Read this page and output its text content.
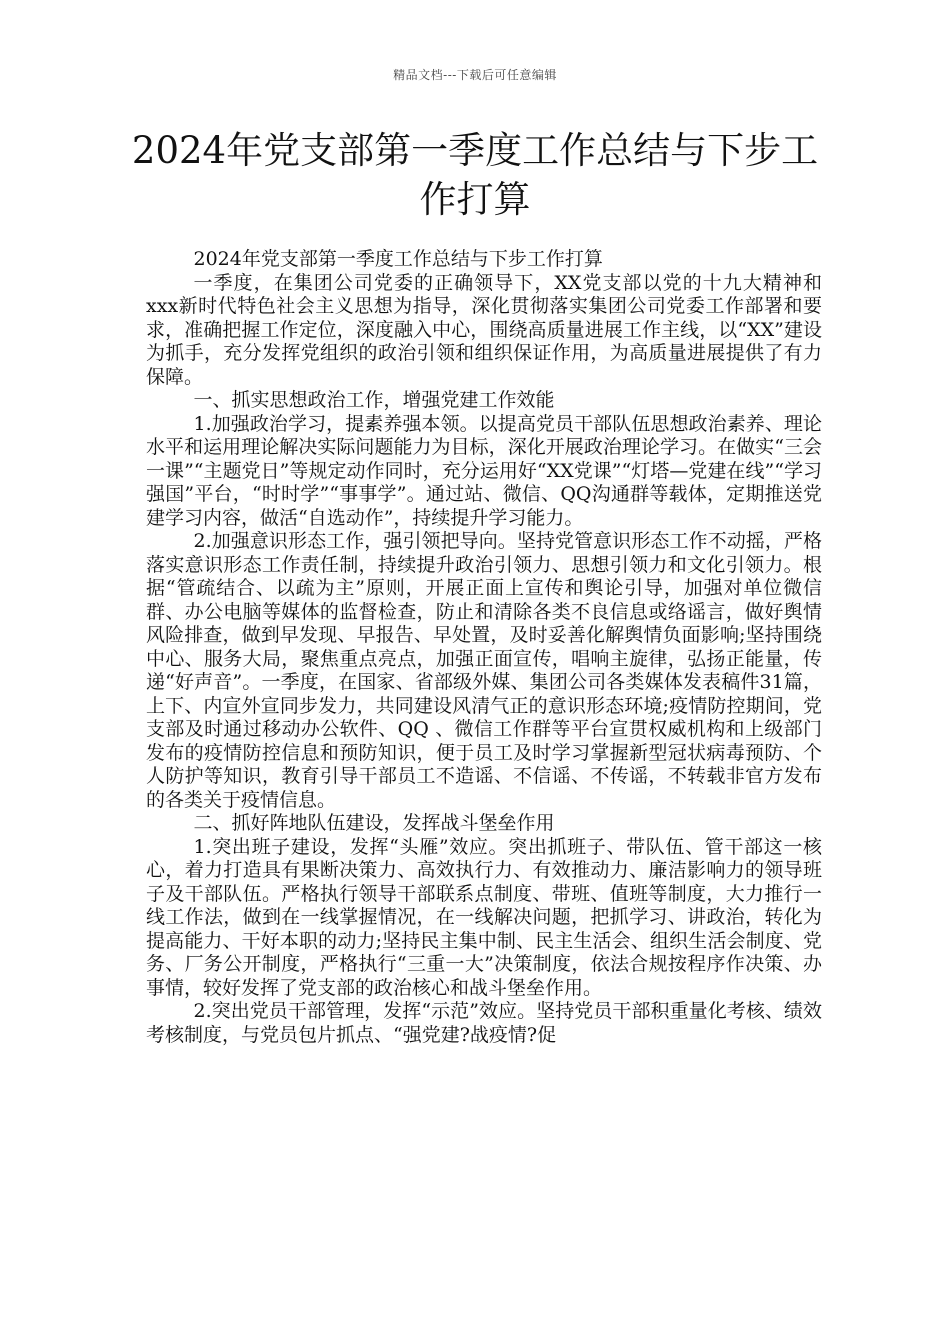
精品文档---下载后可任意编辑
2024年党支部第一季度工作总结与下步工作打算

2024年党支部第一季度工作总结与下步工作打算

一季度，在集团公司党委的正确领导下，XX党支部以党的十九大精神和xxx新时代特色社会主义思想为指导，深化贯彻落实集团公司党委工作部署和要求，准确把握工作定位，深度融入中心，围绕高质量进展工作主线，以“XX”建设为抓手，充分发挥党组织的政治引领和组织保证作用，为高质量进展提供了有力保障。

一、抓实思想政治工作，增强党建工作效能

1.加强政治学习，提素养强本领。以提高党员干部队伍思想政治素养、理论水平和运用理论解决实际问题能力为目标，深化开展政治理论学习。在做实“三会一课”“主题党日”等规定动作同时，充分运用好“XX党课”“灯塔—党建在线”“学习强国”平台，“时时学”“事事学”。通过站、微信、QQ沟通群等载体，定期推送党建学习内容，做活“自选动作”，持续提升学习能力。

2.加强意识形态工作，强引领把导向。坚持党管意识形态工作不动摇，严格落实意识形态工作责任制，持续提升政治引领力、思想引领力和文化引领力。根据“管疏结合、以疏为主”原则，开展正面上宣传和舆论引导，加强对单位微信群、办公电脑等媒体的监督检查，防止和清除各类不良信息或络谣言，做好舆情风险排查，做到早发现、早报告、早处置，及时妥善化解舆情负面影响;坚持围绕中心、服务大局，聚焦重点亮点，加强正面宣传，唱响主旋律，弘扬正能量，传递“好声音”。一季度，在国家、省部级外媒、集团公司各类媒体发表稿件31篇，上下、内宣外宣同步发力，共同建设风清气正的意识形态环境;疫情防控期间，党支部及时通过移动办公软件、QQ 、微信工作群等平台宣贯权威机构和上级部门发布的疫情防控信息和预防知识，便于员工及时学习掌握新型冠状病毒预防、个人防护等知识，教育引导干部员工不造谣、不信谣、不传谣，不转载非官方发布的各类关于疫情信息。

二、抓好阵地队伍建设，发挥战斗堡垒作用

1.突出班子建设，发挥“头雁”效应。突出抓班子、带队伍、管干部这一核心，着力打造具有果断决策力、高效执行力、有效推动力、廉洁影响力的领导班子及干部队伍。严格执行领导干部联系点制度、带班、值班等制度，大力推行一线工作法，做到在一线掌握情况，在一线解决问题，把抓学习、讲政治，转化为提高能力、干好本职的动力;坚持民主集中制、民主生活会、组织生活会制度、党务、厂务公开制度，严格执行“三重一大”决策制度，依法合规按程序作决策、办事情，较好发挥了党支部的政治核心和战斗堡垒作用。

2.突出党员干部管理，发挥“示范”效应。坚持党员干部积重量化考核、绩效考核制度，与党员包片抓点、“强党建?战疫情?促
